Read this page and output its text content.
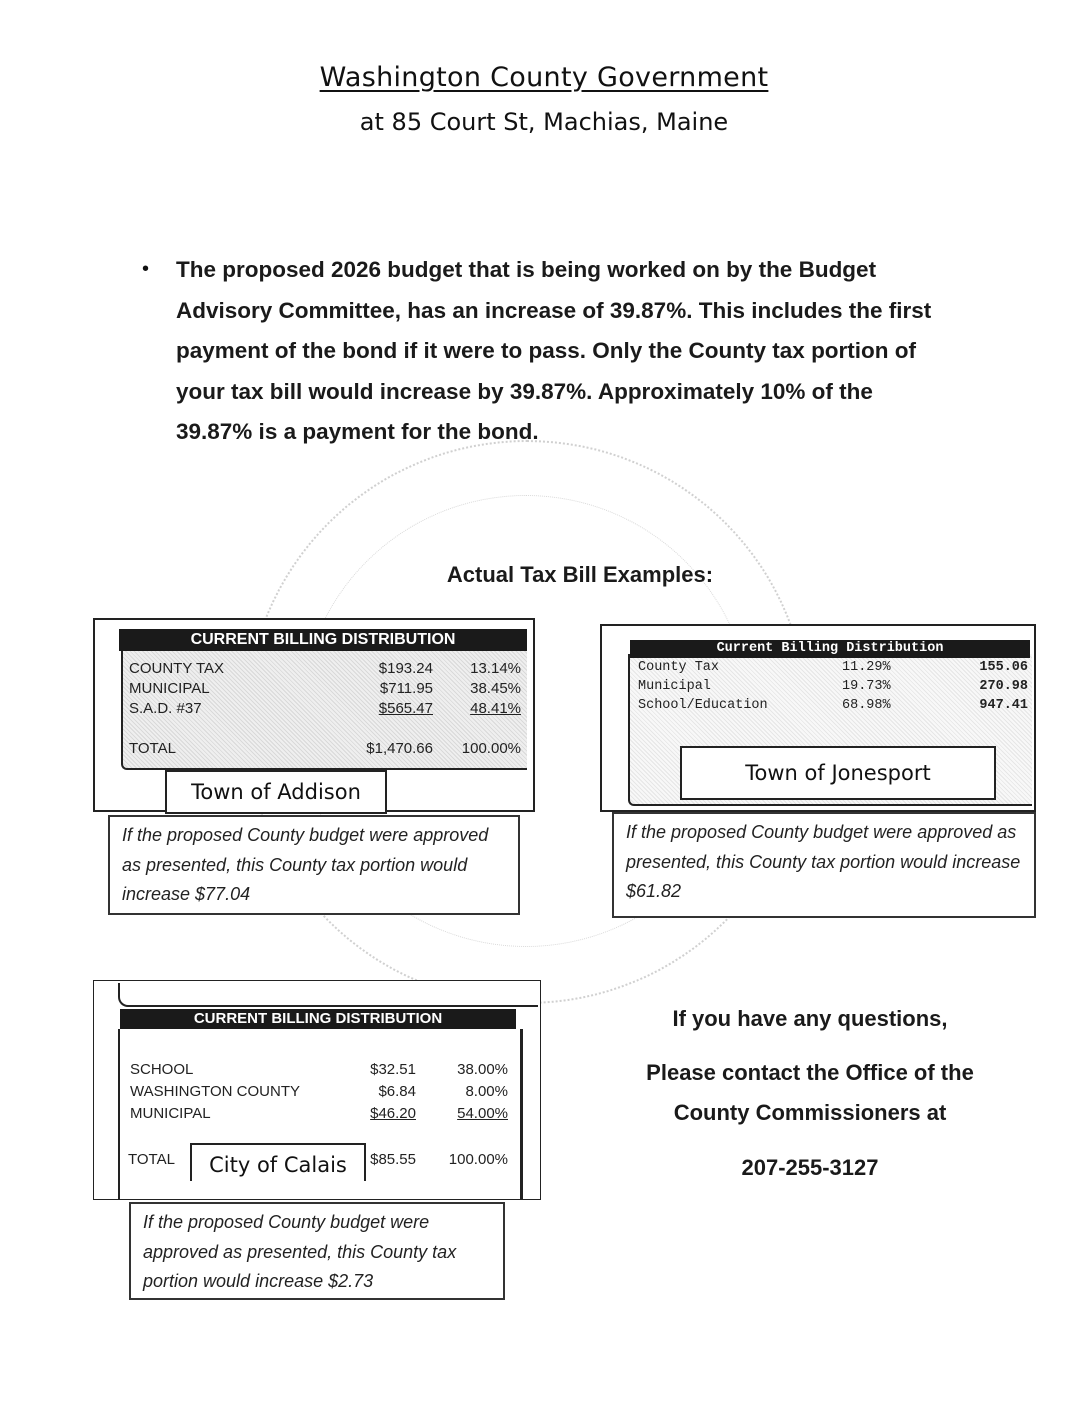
Washington County Government
at 85 Court St, Machias, Maine
• The proposed 2026 budget that is being worked on by the Budget Advisory Committee, has an increase of 39.87%. This includes the first payment of the bond if it were to pass. Only the County tax portion of your tax bill would increase by 39.87%. Approximately 10% of the 39.87% is a payment for the bond.
Actual Tax Bill Examples:
CURRENT BILLING DISTRIBUTION
COUNTY TAX	$193.24 13.14%
MUNICIPAL	$711.95 38.45%
S.A.D. #37	$565.47 48.41%
TOTAL	$1,470.66 100.00%
Town of Addison
If the proposed County budget were approved as presented, this County tax portion would increase $77.04
Current Billing Distribution
County Tax	11.29%	155.06
Municipal	19.73%	270.98
School/Education	68.98%	947.41
Town of Jonesport
If the proposed County budget were approved as presented, this County tax portion would increase $61.82
CURRENT BILLING DISTRIBUTION
SCHOOL	$32.51	38.00%
WASHINGTON COUNTY	$6.84	8.00%
MUNICIPAL	$46.20	54.00%
TOTAL	$85.55 100.00%
City of Calais
If the proposed County budget were approved as presented, this County tax portion would increase $2.73
If you have any questions,
Please contact the Office of the
County Commissioners at
207-255-3127
